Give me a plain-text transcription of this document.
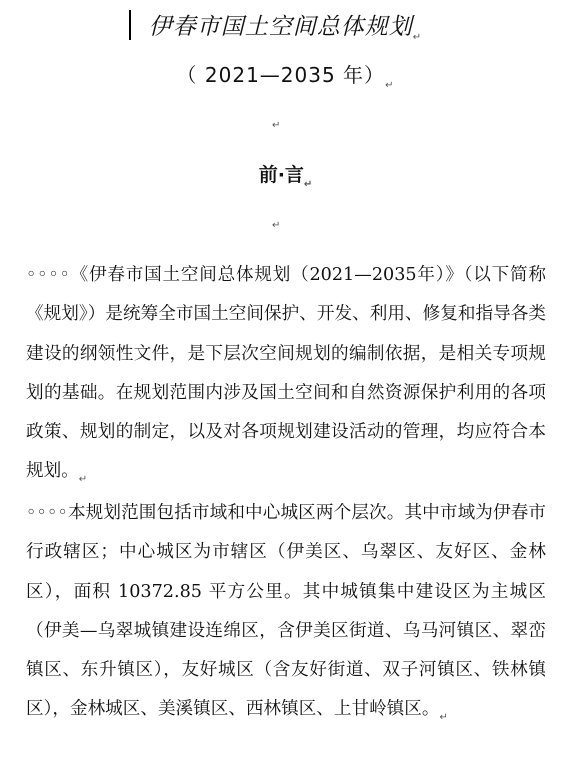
伊春市国土空间总体规划$_↵$
（ 2021—2035 年）$_↵$
↵
前·言$_↵$
↵

◦◦◦◦《伊春市国土空间总体规划（2021—2035年）》（以下简称《规划》）是统筹全市国土空间保护、开发、利用、修复和指导各类建设的纲领性文件，是下层次空间规划的编制依据，是相关专项规划的基础。在规划范围内涉及国土空间和自然资源保护利用的各项政策、规划的制定，以及对各项规划建设活动的管理，均应符合本规划。$_↵$

◦◦◦◦本规划范围包括市域和中心城区两个层次。其中市域为伊春市行政辖区；中心城区为市辖区（伊美区、乌翠区、友好区、金林区），面积 10372.85 平方公里。其中城镇集中建设区为主城区（伊美—乌翠城镇建设连绵区，含伊美区街道、乌马河镇区、翠峦镇区、东升镇区），友好城区（含友好街道、双子河镇区、铁林镇区），金林城区、美溪镇区、西林镇区、上甘岭镇区。$_↵$
